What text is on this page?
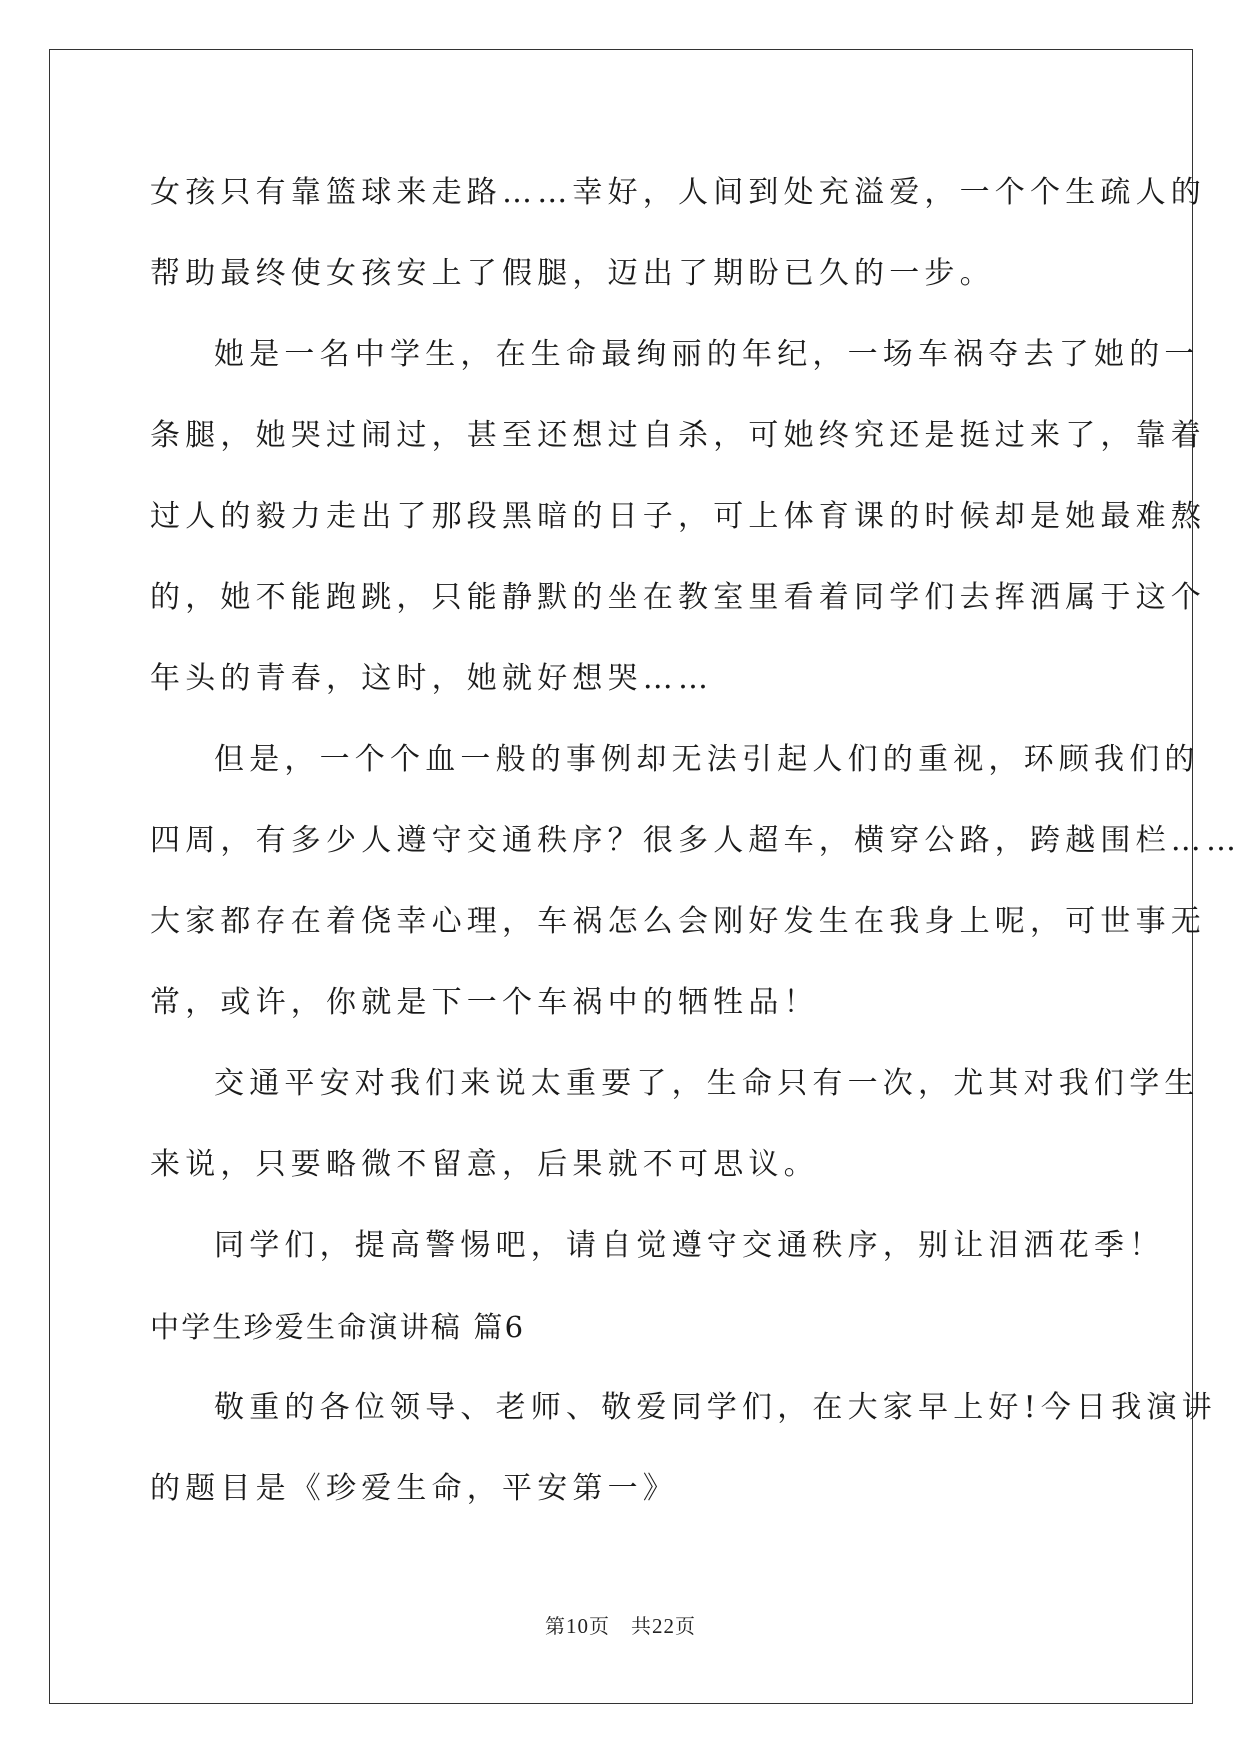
女孩只有靠篮球来走路……幸好，人间到处充溢爱，一个个生疏人的
帮助最终使女孩安上了假腿，迈出了期盼已久的一步。
她是一名中学生，在生命最绚丽的年纪，一场车祸夺去了她的一
条腿，她哭过闹过，甚至还想过自杀，可她终究还是挺过来了，靠着
过人的毅力走出了那段黑暗的日子，可上体育课的时候却是她最难熬
的，她不能跑跳，只能静默的坐在教室里看着同学们去挥洒属于这个
年头的青春，这时，她就好想哭……
但是，一个个血一般的事例却无法引起人们的重视，环顾我们的
四周，有多少人遵守交通秩序？很多人超车，横穿公路，跨越围栏……
大家都存在着侥幸心理，车祸怎么会刚好发生在我身上呢，可世事无
常，或许，你就是下一个车祸中的牺牲品！
交通平安对我们来说太重要了，生命只有一次，尤其对我们学生
来说，只要略微不留意，后果就不可思议。
同学们，提高警惕吧，请自觉遵守交通秩序，别让泪洒花季！
中学生珍爱生命演讲稿 篇6
敬重的各位领导、老师、敬爱同学们，在大家早上好!今日我演讲
的题目是《珍爱生命，平安第一》
第10页　共22页
